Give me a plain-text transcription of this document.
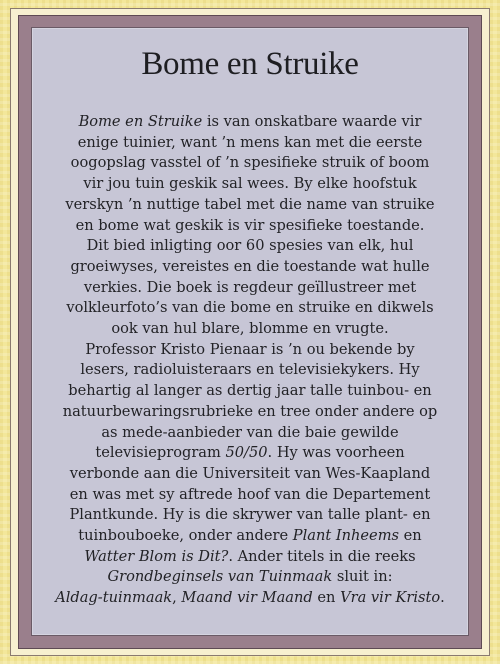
Bome en Struike
Bome en Struike is van onskatbare waarde vir
enige tuinier, want ’n mens kan met die eerste
oogopslag vasstel of ’n spesifieke struik of boom
vir jou tuin geskik sal wees. By elke hoofstuk
verskyn ’n nuttige tabel met die name van struike
en bome wat geskik is vir spesifieke toestande.
Dit bied inligting oor 60 spesies van elk, hul
groeiwyses, vereistes en die toestande wat hulle
verkies. Die boek is regdeur geïllustreer met
volkleurfoto’s van die bome en struike en dikwels
ook van hul blare, blomme en vrugte.
Professor Kristo Pienaar is ’n ou bekende by
lesers, radioluisteraars en televisiekykers. Hy
behartig al langer as dertig jaar talle tuinbou- en
natuurbewaringsrubrieke en tree onder andere op
as mede-aanbieder van die baie gewilde
televisieprogram 50/50. Hy was voorheen
verbonde aan die Universiteit van Wes-Kaapland
en was met sy aftrede hoof van die Departement
Plantkunde. Hy is die skrywer van talle plant- en
tuinbouboeke, onder andere Plant Inheems en
Watter Blom is Dit?. Ander titels in die reeks
Grondbeginsels van Tuinmaak sluit in:
Aldag-tuinmaak, Maand vir Maand en Vra vir Kristo.
